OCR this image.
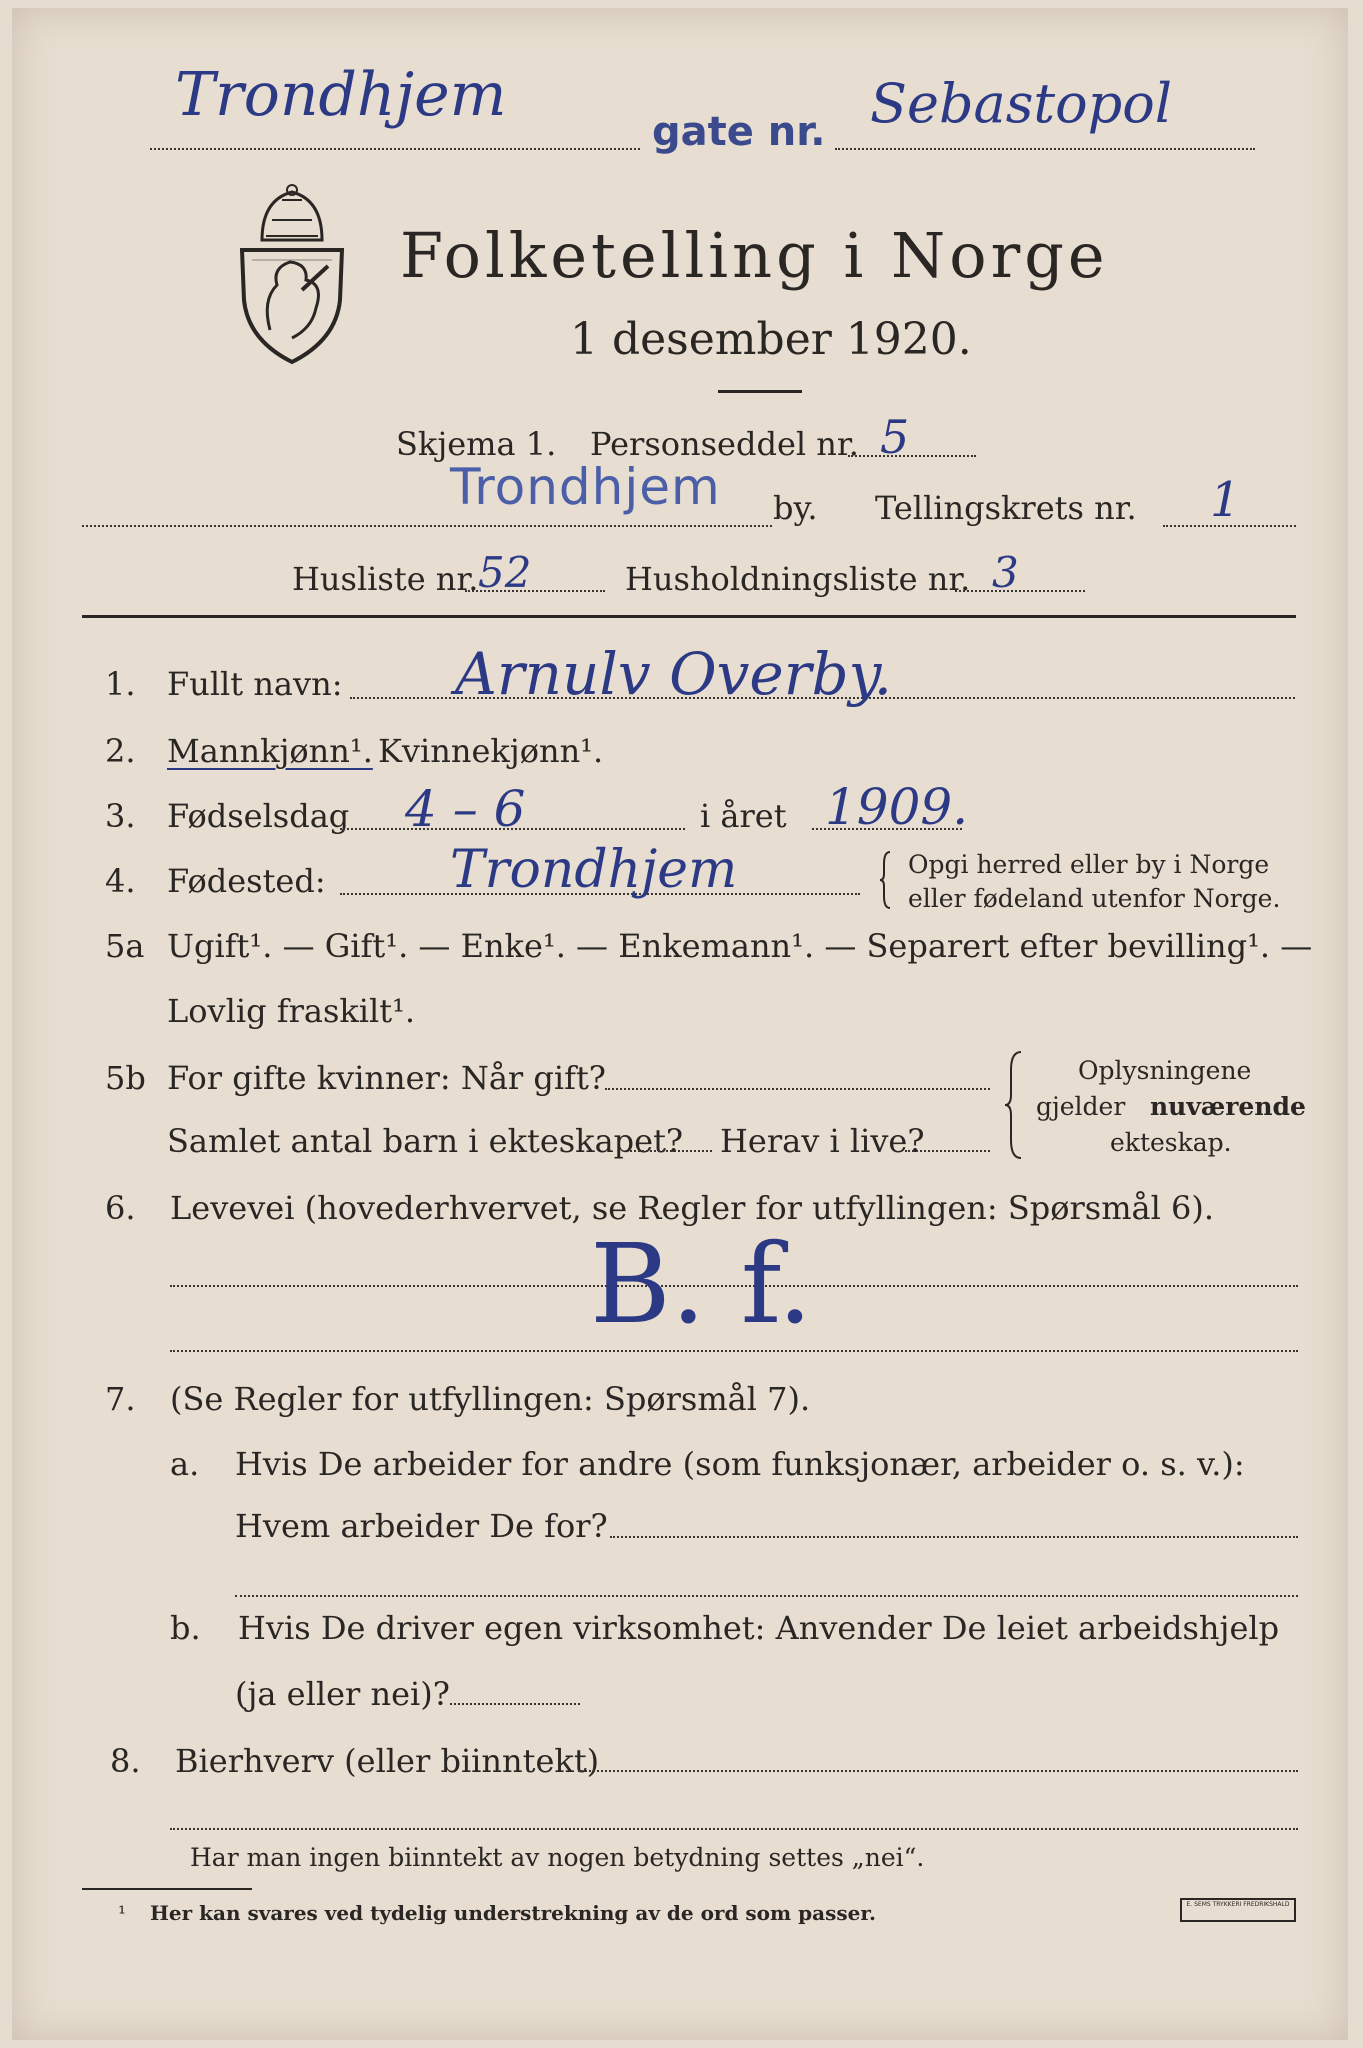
Trondhjem
gate nr. Sebastopol
Folketelling i Norge
1 desember 1920.
Skjema 1. Personseddel nr. 5
Trondhjem by. Tellingskrets nr. 1
Husliste nr. 52	Husholdningsliste nr. 3
1. Fullt navn: Arnulv Overby.
2. Mannkjønn¹. Kvinnekjønn¹.
3. Fødselsdag 4 – 6	i året 1909.
4. Fødested: Trondhjem	Opgi herred eller by i Norge
eller fødeland utenfor Norge.
5a Ugift¹. — Gift¹. — Enke¹. — Enkemann¹. — Separert efter bevilling¹. —
Lovlig fraskilt¹.
5b For gifte kvinner: Når gift?
Samlet antal barn i ekteskapet? Herav i live?
Oplysningene
gjelder nuværende
ekteskap.
6. Levevei (hovederhvervet, se Regler for utfyllingen: Spørsmål 6).
B. f.
7. (Se Regler for utfyllingen: Spørsmål 7).
a. Hvis De arbeider for andre (som funksjonær, arbeider o. s. v.):
Hvem arbeider De for?
b. Hvis De driver egen virksomhet: Anvender De leiet arbeidshjelp
(ja eller nei)?
8. Bierhverv (eller biinntekt)
Har man ingen biinntekt av nogen betydning settes „nei“.
¹ Her kan svares ved tydelig understrekning av de ord som passer.	E. SEMS TRYKKERI FREDRIKSHALD
